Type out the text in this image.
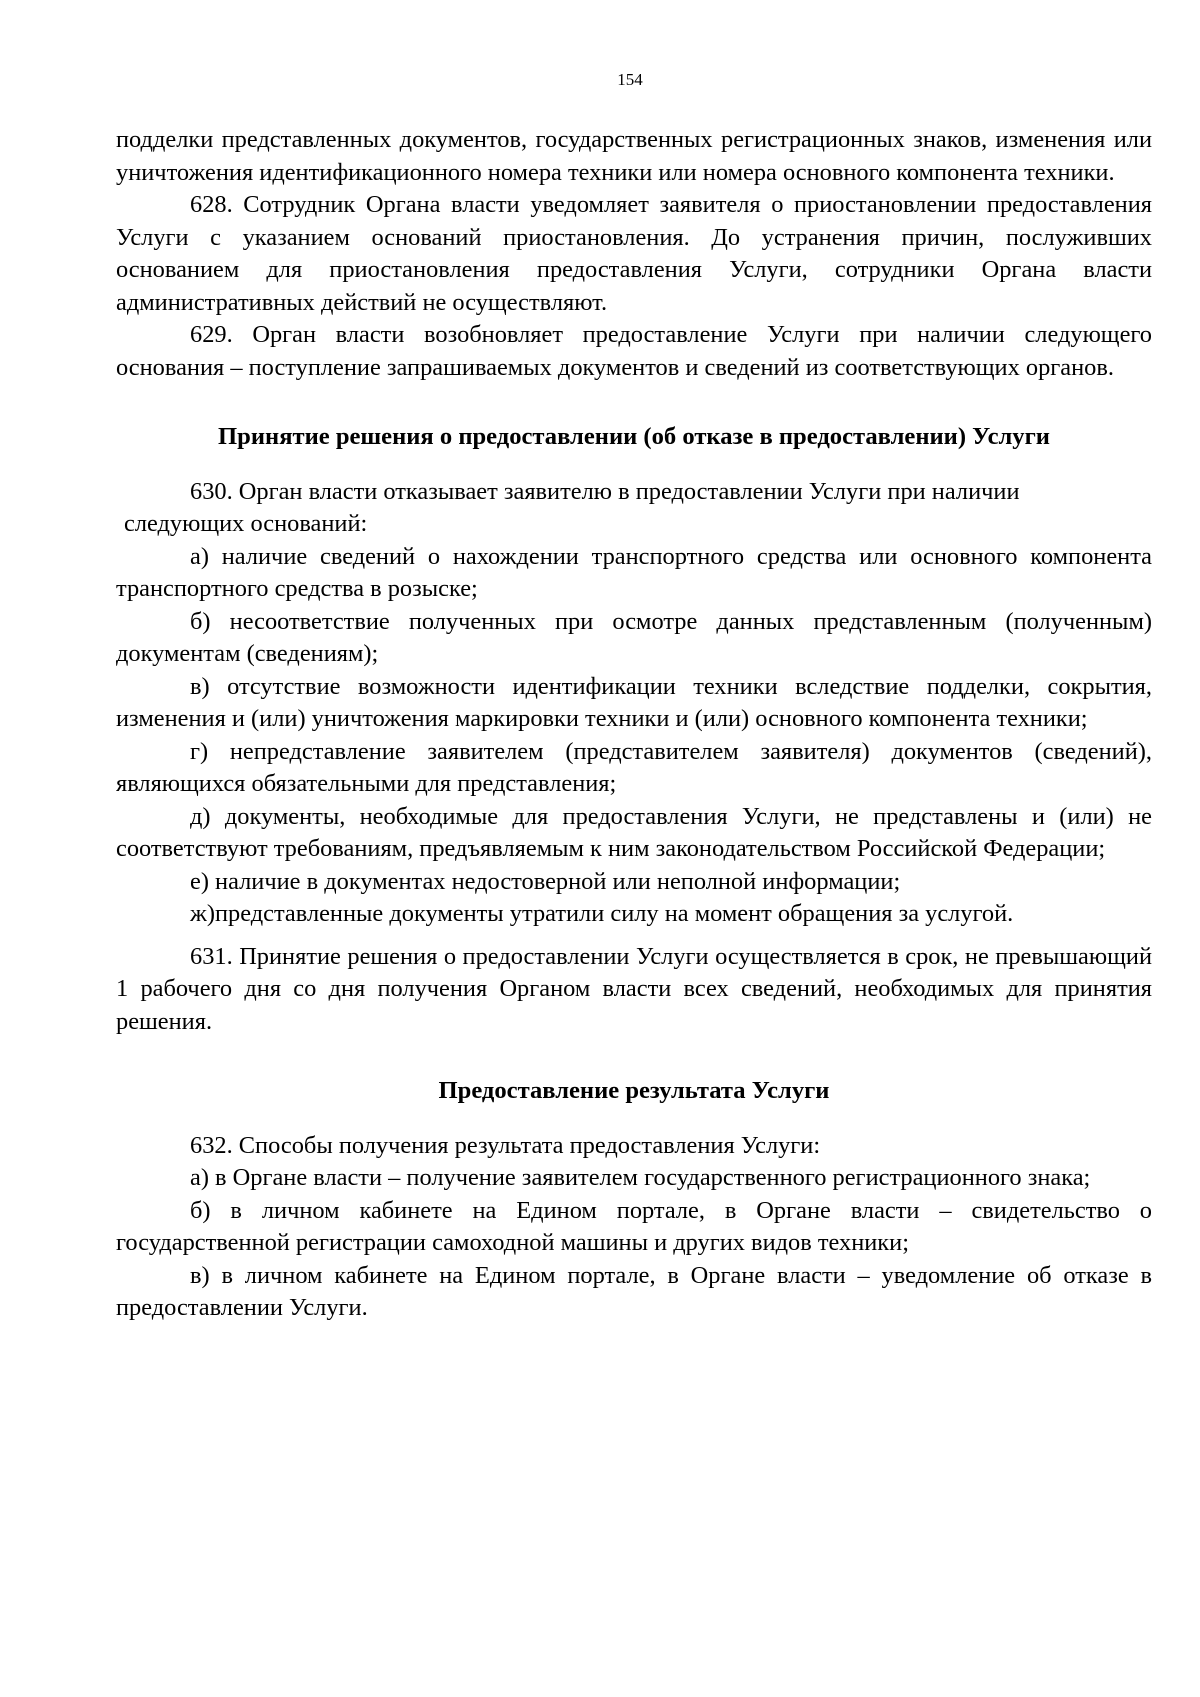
154

подделки представленных документов, государственных регистрационных знаков, изменения или уничтожения идентификационного номера техники или номера основного компонента техники.

628. Сотрудник Органа власти уведомляет заявителя о приостановлении предоставления Услуги с указанием оснований приостановления. До устранения причин, послуживших основанием для приостановления предоставления Услуги, сотрудники Органа власти административных действий не осуществляют.

629. Орган власти возобновляет предоставление Услуги при наличии следующего основания – поступление запрашиваемых документов и сведений из соответствующих органов.

Принятие решения о предоставлении (об отказе в предоставлении) Услуги

630. Орган власти отказывает заявителю в предоставлении Услуги при наличии
следующих оснований:

а) наличие сведений о нахождении транспортного средства или основного компонента транспортного средства в розыске;

б) несоответствие полученных при осмотре данных представленным (полученным) документам (сведениям);

в) отсутствие возможности идентификации техники вследствие подделки, сокрытия, изменения и (или) уничтожения маркировки техники и (или) основного компонента техники;

г) непредставление заявителем (представителем заявителя) документов (сведений), являющихся обязательными для представления;

д) документы, необходимые для предоставления Услуги, не представлены и (или) не соответствуют требованиям, предъявляемым к ним законодательством Российской Федерации;

е) наличие в документах недостоверной или неполной информации;

ж)представленные документы утратили силу на момент обращения за услугой.

631. Принятие решения о предоставлении Услуги осуществляется в срок, не превышающий 1 рабочего дня со дня получения Органом власти всех сведений, необходимых для принятия решения.

Предоставление результата Услуги

632. Способы получения результата предоставления Услуги:

а) в Органе власти – получение заявителем государственного регистрационного знака;

б) в личном кабинете на Едином портале, в Органе власти – свидетельство о государственной регистрации самоходной машины и других видов техники;

в) в личном кабинете на Едином портале, в Органе власти – уведомление об отказе в предоставлении Услуги.
